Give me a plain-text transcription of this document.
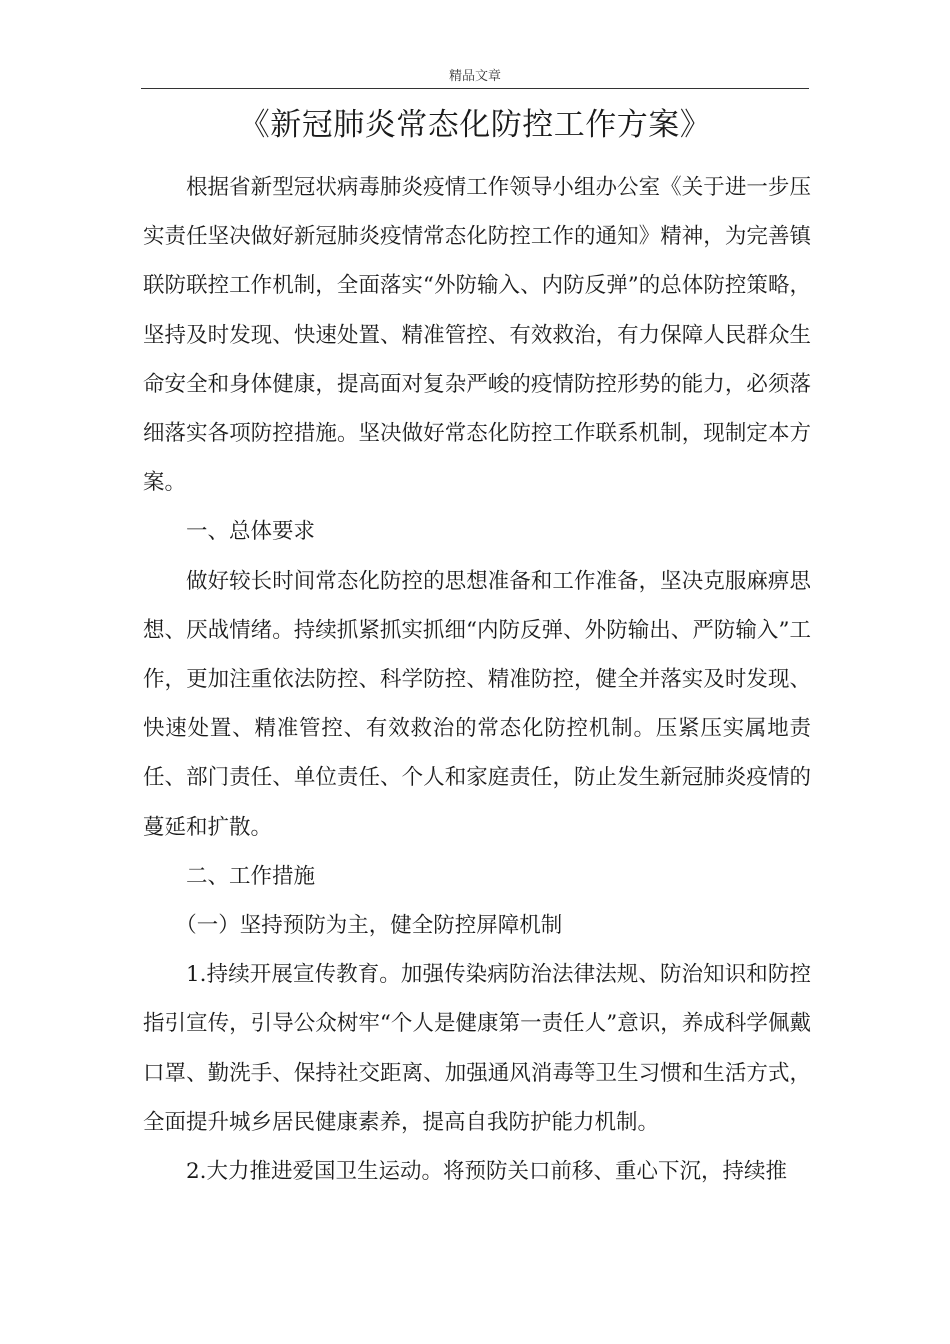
精品文章
《新冠肺炎常态化防控工作方案》

根据省新型冠状病毒肺炎疫情工作领导小组办公室《关于进一步压实责任坚决做好新冠肺炎疫情常态化防控工作的通知》精神，为完善镇联防联控工作机制，全面落实“外防输入、内防反弹”的总体防控策略，坚持及时发现、快速处置、精准管控、有效救治，有力保障人民群众生命安全和身体健康，提高面对复杂严峻的疫情防控形势的能力，必须落细落实各项防控措施。坚决做好常态化防控工作联系机制，现制定本方案。

一、总体要求

做好较长时间常态化防控的思想准备和工作准备，坚决克服麻痹思想、厌战情绪。持续抓紧抓实抓细“内防反弹、外防输出、严防输入”工作，更加注重依法防控、科学防控、精准防控，健全并落实及时发现、快速处置、精准管控、有效救治的常态化防控机制。压紧压实属地责任、部门责任、单位责任、个人和家庭责任，防止发生新冠肺炎疫情的蔓延和扩散。

二、工作措施

（一）坚持预防为主，健全防控屏障机制

1.持续开展宣传教育。加强传染病防治法律法规、防治知识和防控指引宣传，引导公众树牢“个人是健康第一责任人”意识，养成科学佩戴口罩、勤洗手、保持社交距离、加强通风消毒等卫生习惯和生活方式，全面提升城乡居民健康素养，提高自我防护能力机制。

2.大力推进爱国卫生运动。将预防关口前移、重心下沉，持续推
